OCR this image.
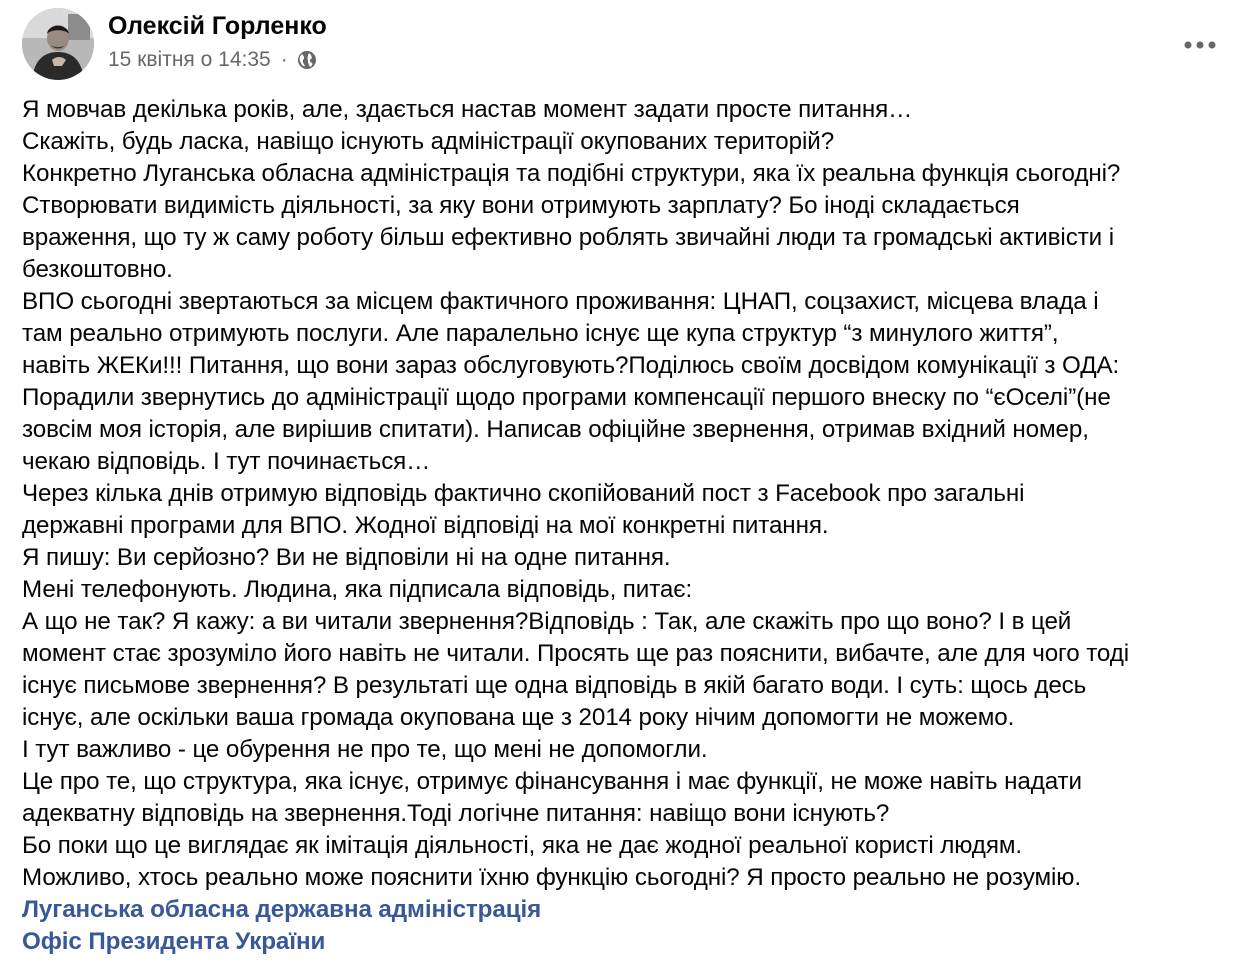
Олексій Горленко
15 квітня о 14:35 ·
Я мовчав декілька років, але, здається настав момент задати просте питання…
Скажіть, будь ласка, навіщо існують адміністрації окупованих територій?
Конкретно Луганська обласна адміністрація та подібні структури, яка їх реальна функція сьогодні?
Створювати видимість діяльності, за яку вони отримують зарплату? Бо іноді складається
враження, що ту ж саму роботу більш ефективно роблять звичайні люди та громадські активісти і
безкоштовно.
ВПО сьогодні звертаються за місцем фактичного проживання: ЦНАП, соцзахист, місцева влада і
там реально отримують послуги. Але паралельно існує ще купа структур “з минулого життя”,
навіть ЖЕКи!!! Питання, що вони зараз обслуговують?Поділюсь своїм досвідом комунікації з ОДА:
Порадили звернутись до адміністрації щодо програми компенсації першого внеску по “єОселі”(не
зовсім моя історія, але вирішив спитати). Написав офіційне звернення, отримав вхідний номер,
чекаю відповідь. І тут починається…
Через кілька днів отримую відповідь фактично скопійований пост з Facebook про загальні
державні програми для ВПО. Жодної відповіді на мої конкретні питання.
Я пишу: Ви серйозно? Ви не відповіли ні на одне питання.
Мені телефонують. Людина, яка підписала відповідь, питає:
А що не так? Я кажу: а ви читали звернення?Відповідь : Так, але скажіть про що воно? І в цей
момент стає зрозуміло його навіть не читали. Просять ще раз пояснити, вибачте, але для чого тоді
існує письмове звернення? В результаті ще одна відповідь в якій багато води. І суть: щось десь
існує, але оскільки ваша громада окупована ще з 2014 року нічим допомогти не можемо.
І тут важливо - це обурення не про те, що мені не допомогли.
Це про те, що структура, яка існує, отримує фінансування і має функції, не може навіть надати
адекватну відповідь на звернення.Тоді логічне питання: навіщо вони існують?
Бо поки що це виглядає як імітація діяльності, яка не дає жодної реальної користі людям.
Можливо, хтось реально може пояснити їхню функцію сьогодні? Я просто реально не розумію.
Луганська обласна державна адміністрація
Офіс Президента України
